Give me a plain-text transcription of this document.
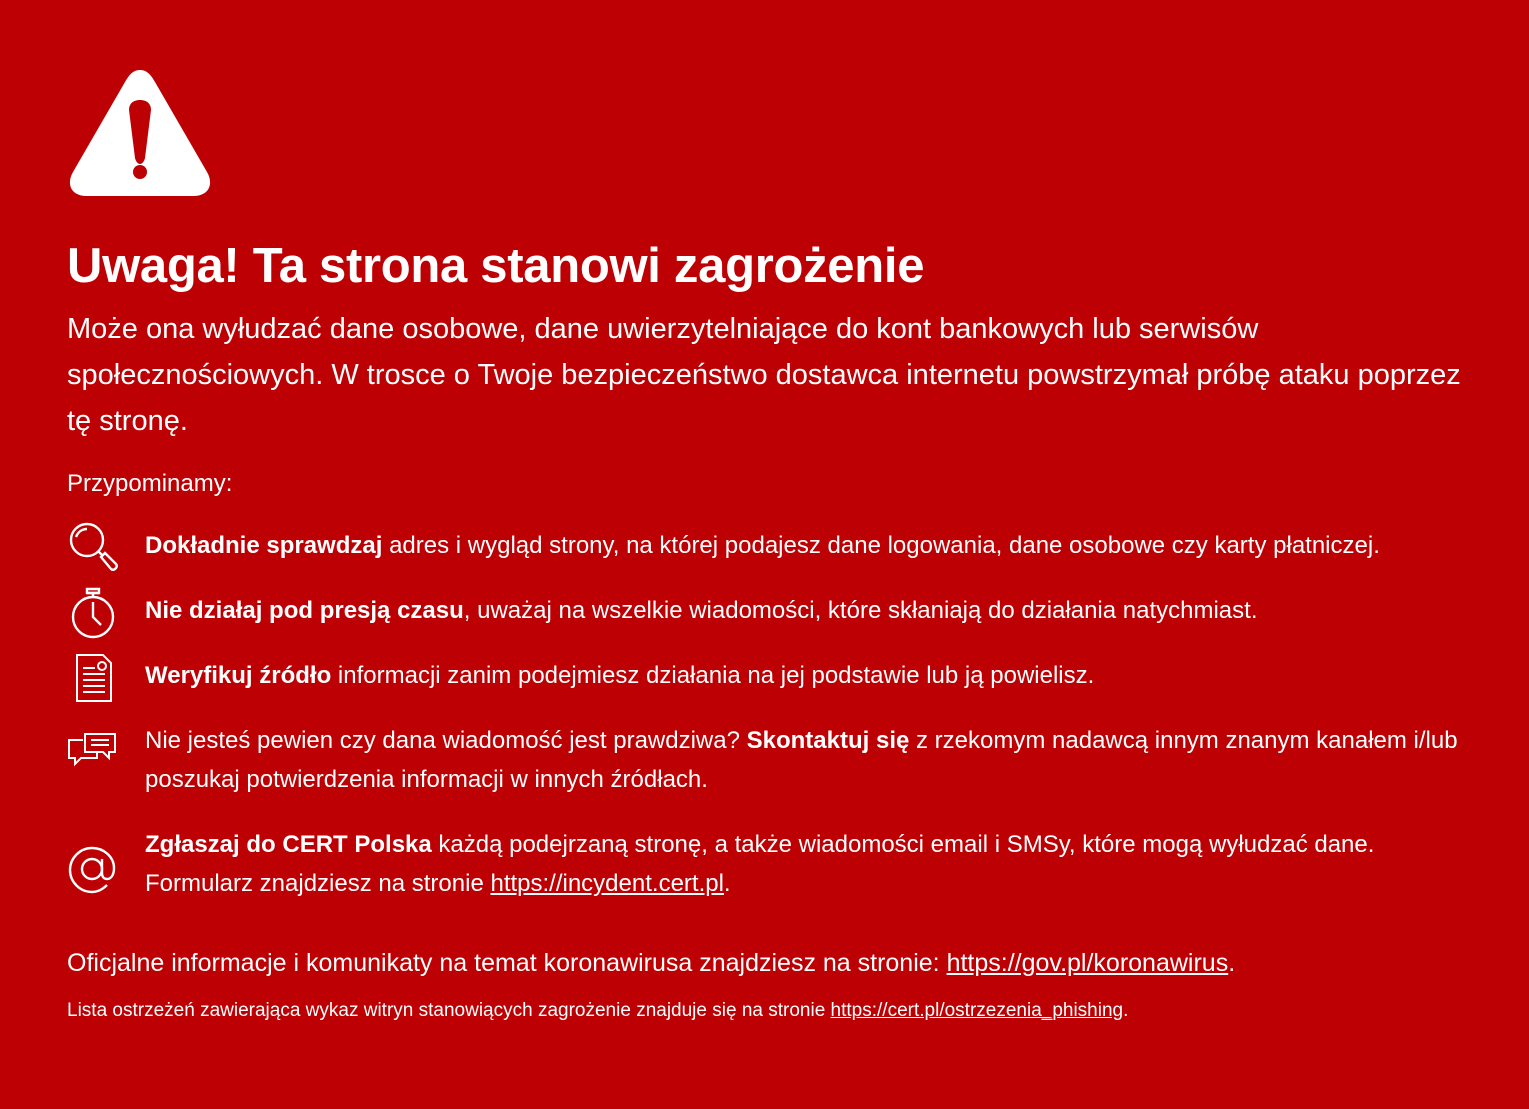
Uwaga! Ta strona stanowi zagrożenie

Może ona wyłudzać dane osobowe, dane uwierzytelniające do kont bankowych lub serwisów społecznościowych. W trosce o Twoje bezpieczeństwo dostawca internetu powstrzymał próbę ataku poprzez tę stronę.

Przypominamy:

Dokładnie sprawdzaj adres i wygląd strony, na której podajesz dane logowania, dane osobowe czy karty płatniczej.
Nie działaj pod presją czasu, uważaj na wszelkie wiadomości, które skłaniają do działania natychmiast.
Weryfikuj źródło informacji zanim podejmiesz działania na jej podstawie lub ją powielisz.
Nie jesteś pewien czy dana wiadomość jest prawdziwa? Skontaktuj się z rzekomym nadawcą innym znanym kanałem i/lub poszukaj potwierdzenia informacji w innych źródłach.
Zgłaszaj do CERT Polska każdą podejrzaną stronę, a także wiadomości email i SMSy, które mogą wyłudzać dane. Formularz znajdziesz na stronie https://incydent.cert.pl.

Oficjalne informacje i komunikaty na temat koronawirusa znajdziesz na stronie: https://gov.pl/koronawirus.

Lista ostrzeżeń zawierająca wykaz witryn stanowiących zagrożenie znajduje się na stronie https://cert.pl/ostrzezenia_phishing.
